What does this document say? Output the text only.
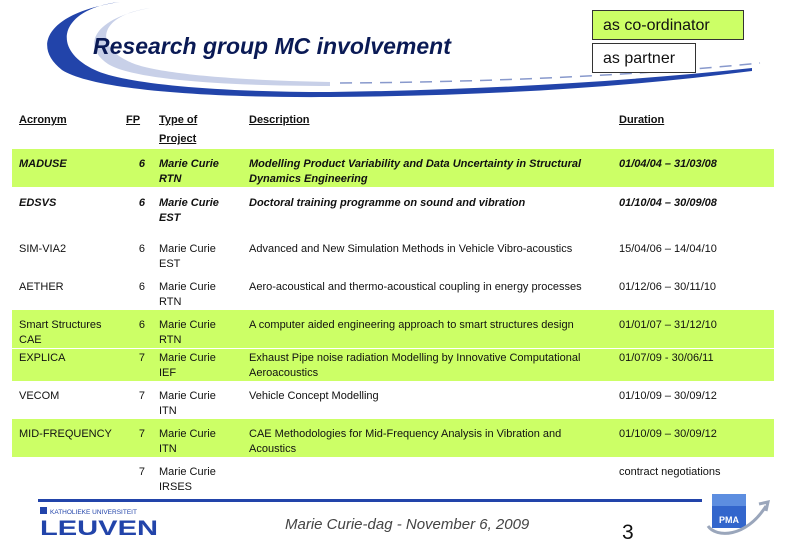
Research group MC involvement
as co-ordinator
as partner
Acronym	FP	Type of Project	Description	Duration
MADUSE	6	Marie Curie RTN	Modelling Product Variability and Data Uncertainty in Structural Dynamics Engineering	01/04/04 – 31/03/08
EDSVS	6	Marie Curie EST	Doctoral training programme on sound and vibration	01/10/04 – 30/09/08
SIM-VIA2	6	Marie Curie EST	Advanced and New Simulation Methods in Vehicle Vibro-acoustics	15/04/06 – 14/04/10
AETHER	6	Marie Curie RTN	Aero-acoustical and thermo-acoustical coupling in energy processes	01/12/06 – 30/11/10
Smart Structures CAE	6	Marie Curie RTN	A computer aided engineering approach to smart structures design	01/01/07 – 31/12/10
EXPLICA	7	Marie Curie IEF	Exhaust Pipe noise radiation Modelling by Innovative Computational Aeroacoustics	01/07/09 - 30/06/11
VECOM	7	Marie Curie ITN	Vehicle Concept Modelling	01/10/09 – 30/09/12
MID-FREQUENCY	7	Marie Curie ITN	CAE Methodologies for Mid-Frequency Analysis in Vibration and Acoustics	01/10/09 – 30/09/12
	7	Marie Curie IRSES		contract negotiations
KATHOLIEKE UNIVERSITEIT
LEUVEN	Marie Curie-dag - November 6, 2009	3
PMA
